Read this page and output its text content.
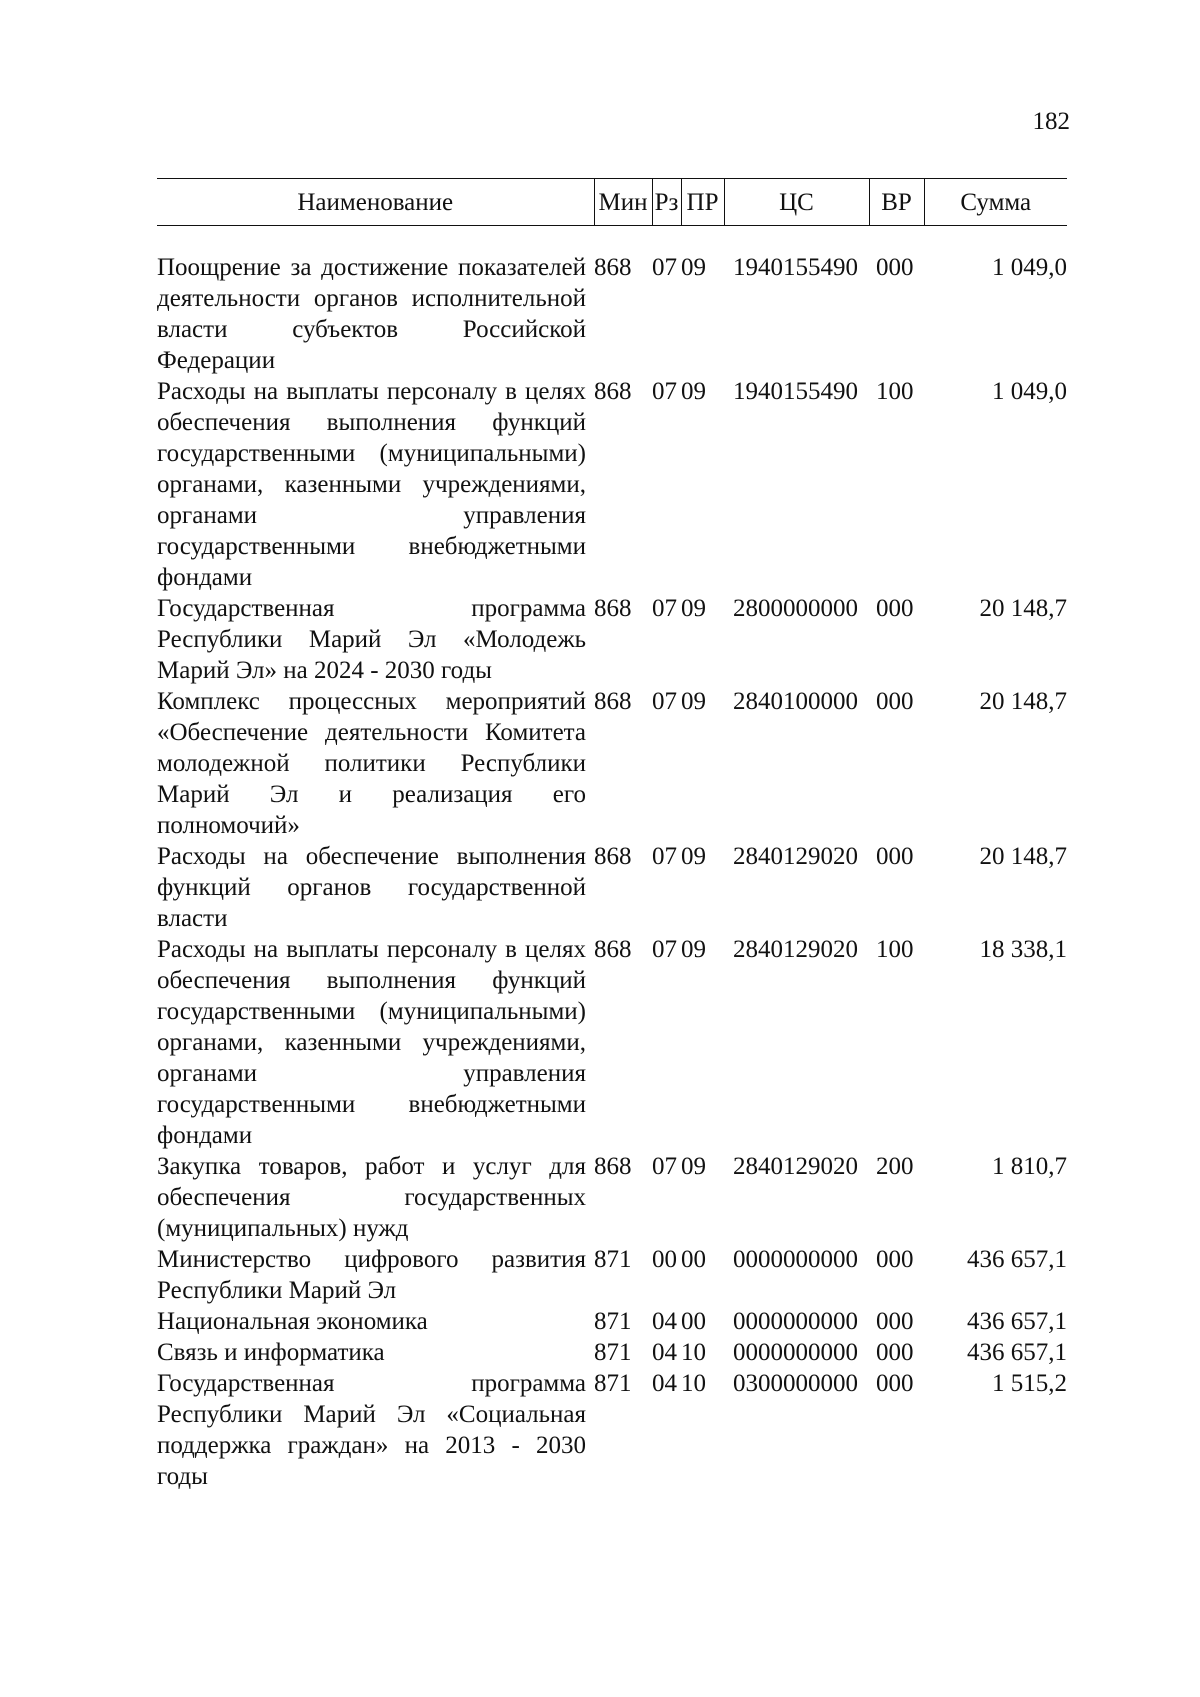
182
Наименование	Мин	Рз	ПР	ЦС	ВР	Сумма

Поощрение за достижение показателей деятельности органов исполнительной власти субъектов Российской Федерации	868	07	09	1940155490	000	1 049,0
Расходы на выплаты персоналу в целях обеспечения выполнения функций государственными (муниципальными) органами, казенными учреждениями, органами управления государственными внебюджетными фондами	868	07	09	1940155490	100	1 049,0
Государственная программа Республики Марий Эл «Молодежь Марий Эл» на 2024 - 2030 годы	868	07	09	2800000000	000	20 148,7
Комплекс процессных мероприятий «Обеспечение деятельности Комитета молодежной политики Республики Марий Эл и реализация его полномочий»	868	07	09	2840100000	000	20 148,7
Расходы на обеспечение выполнения функций органов государственной власти	868	07	09	2840129020	000	20 148,7
Расходы на выплаты персоналу в целях обеспечения выполнения функций государственными (муниципальными) органами, казенными учреждениями, органами управления государственными внебюджетными фондами	868	07	09	2840129020	100	18 338,1
Закупка товаров, работ и услуг для обеспечения государственных (муниципальных) нужд	868	07	09	2840129020	200	1 810,7
Министерство цифрового развития Республики Марий Эл	871	00	00	0000000000	000	436 657,1
Национальная экономика	871	04	00	0000000000	000	436 657,1
Связь и информатика	871	04	10	0000000000	000	436 657,1
Государственная программа Республики Марий Эл «Социальная поддержка граждан» на 2013 - 2030 годы	871	04	10	0300000000	000	1 515,2
